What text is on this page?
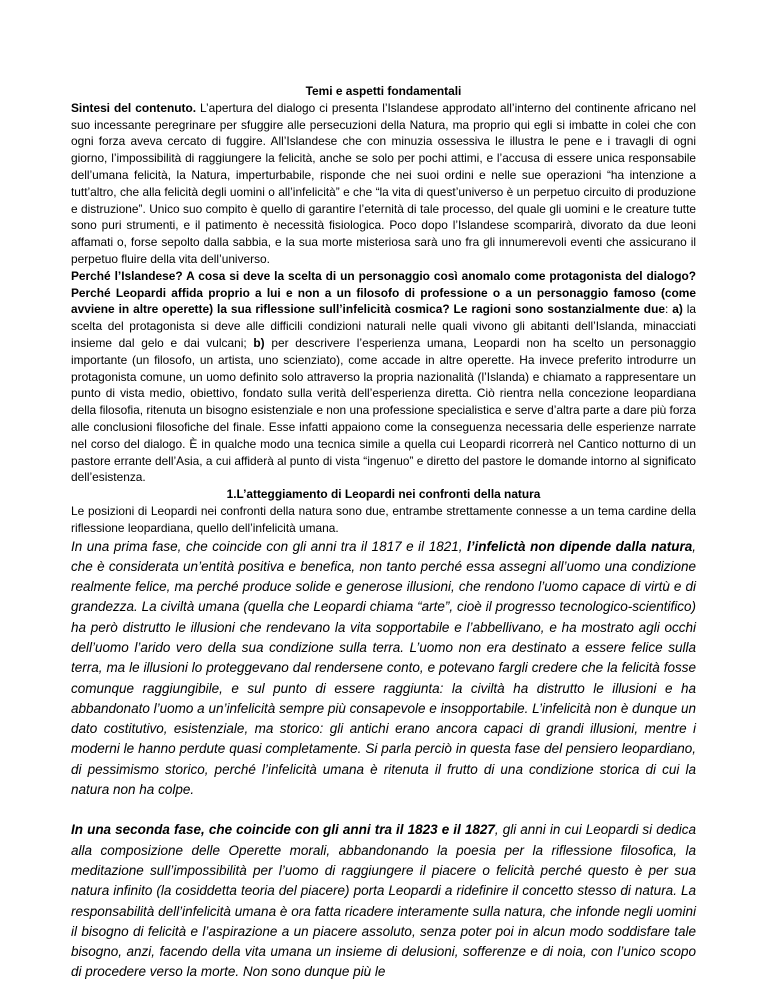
Temi e aspetti fondamentali

Sintesi del contenuto. L’apertura del dialogo ci presenta l’Islandese approdato all’interno del continente africano nel suo incessante peregrinare per sfuggire alle persecuzioni della Natura, ma proprio qui egli si imbatte in colei che con ogni forza aveva cercato di fuggire. All’Islandese che con minuzia ossessiva le illustra le pene e i travagli di ogni giorno, l’impossibilità di raggiungere la felicità, anche se solo per pochi attimi, e l’accusa di essere unica responsabile dell’umana felicità, la Natura, imperturbabile, risponde che nei suoi ordini e nelle sue operazioni “ha intenzione a tutt’altro, che alla felicità degli uomini o all’infelicità” e che “la vita di quest’universo è un perpetuo circuito di produzione e distruzione”. Unico suo compito è quello di garantire l’eternità di tale processo, del quale gli uomini e le creature tutte sono puri strumenti, e il patimento è necessità fisiologica. Poco dopo l’Islandese scomparirà, divorato da due leoni affamati o, forse sepolto dalla sabbia, e la sua morte misteriosa sarà uno fra gli innumerevoli eventi che assicurano il perpetuo fluire della vita dell’universo.

Perché l’Islandese? A cosa si deve la scelta di un personaggio così anomalo come protagonista del dialogo? Perché Leopardi affida proprio a lui e non a un filosofo di professione o a un personaggio famoso (come avviene in altre operette) la sua riflessione sull’infelicità cosmica? Le ragioni sono sostanzialmente due: a) la scelta del protagonista si deve alle difficili condizioni naturali nelle quali vivono gli abitanti dell’Islanda, minacciati insieme dal gelo e dai vulcani; b) per descrivere l’esperienza umana, Leopardi non ha scelto un personaggio importante (un filosofo, un artista, uno scienziato), come accade in altre operette. Ha invece preferito introdurre un protagonista comune, un uomo definito solo attraverso la propria nazionalità (l’Islanda) e chiamato a rappresentare un punto di vista medio, obiettivo, fondato sulla verità dell’esperienza diretta. Ciò rientra nella concezione leopardiana della filosofia, ritenuta un bisogno esistenziale e non una professione specialistica e serve d’altra parte a dare più forza alle conclusioni filosofiche del finale. Esse infatti appaiono come la conseguenza necessaria delle esperienze narrate nel corso del dialogo. È in qualche modo una tecnica simile a quella cui Leopardi ricorrerà nel Cantico notturno di un pastore errante dell’Asia, a cui affiderà al punto di vista “ingenuo” e diretto del pastore le domande intorno al significato dell’esistenza.

1.L’atteggiamento di Leopardi nei confronti della natura

Le posizioni di Leopardi nei confronti della natura sono due, entrambe strettamente connesse a un tema cardine della riflessione leopardiana, quello dell’infelicità umana.

In una prima fase, che coincide con gli anni tra il 1817 e il 1821, l’infelictà non dipende dalla natura, che è considerata un’entità positiva e benefica, non tanto perché essa assegni all’uomo una condizione realmente felice, ma perché produce solide e generose illusioni, che rendono l’uomo capace di virtù e di grandezza. La civiltà umana (quella che Leopardi chiama “arte”, cioè il progresso tecnologico-scientifico) ha però distrutto le illusioni che rendevano la vita sopportabile e l’abbellivano, e ha mostrato agli occhi dell’uomo l’arido vero della sua condizione sulla terra. L’uomo non era destinato a essere felice sulla terra, ma le illusioni lo proteggevano dal rendersene conto, e potevano fargli credere che la felicità fosse comunque raggiungibile, e sul punto di essere raggiunta: la civiltà ha distrutto le illusioni e ha abbandonato l’uomo a un’infelicità sempre più consapevole e insopportabile. L’infelicità non è dunque un dato costitutivo, esistenziale, ma storico: gli antichi erano ancora capaci di grandi illusioni, mentre i moderni le hanno perdute quasi completamente. Si parla perciò in questa fase del pensiero leopardiano, di pessimismo storico, perché l’infelicità umana è ritenuta il frutto di una condizione storica di cui la natura non ha colpe.

In una seconda fase, che coincide con gli anni tra il 1823 e il 1827, gli anni in cui Leopardi si dedica alla composizione delle Operette morali, abbandonando la poesia per la riflessione filosofica, la meditazione sull’impossibilità per l’uomo di raggiungere il piacere o felicità perché questo è per sua natura infinito (la cosiddetta teoria del piacere) porta Leopardi a ridefinire il concetto stesso di natura. La responsabilità dell’infelicità umana è ora fatta ricadere interamente sulla natura, che infonde negli uomini il bisogno di felicità e l’aspirazione a un piacere assoluto, senza poter poi in alcun modo soddisfare tale bisogno, anzi, facendo della vita umana un insieme di delusioni, sofferenze e di noia, con l’unico scopo di procedere verso la morte. Non sono dunque più le
